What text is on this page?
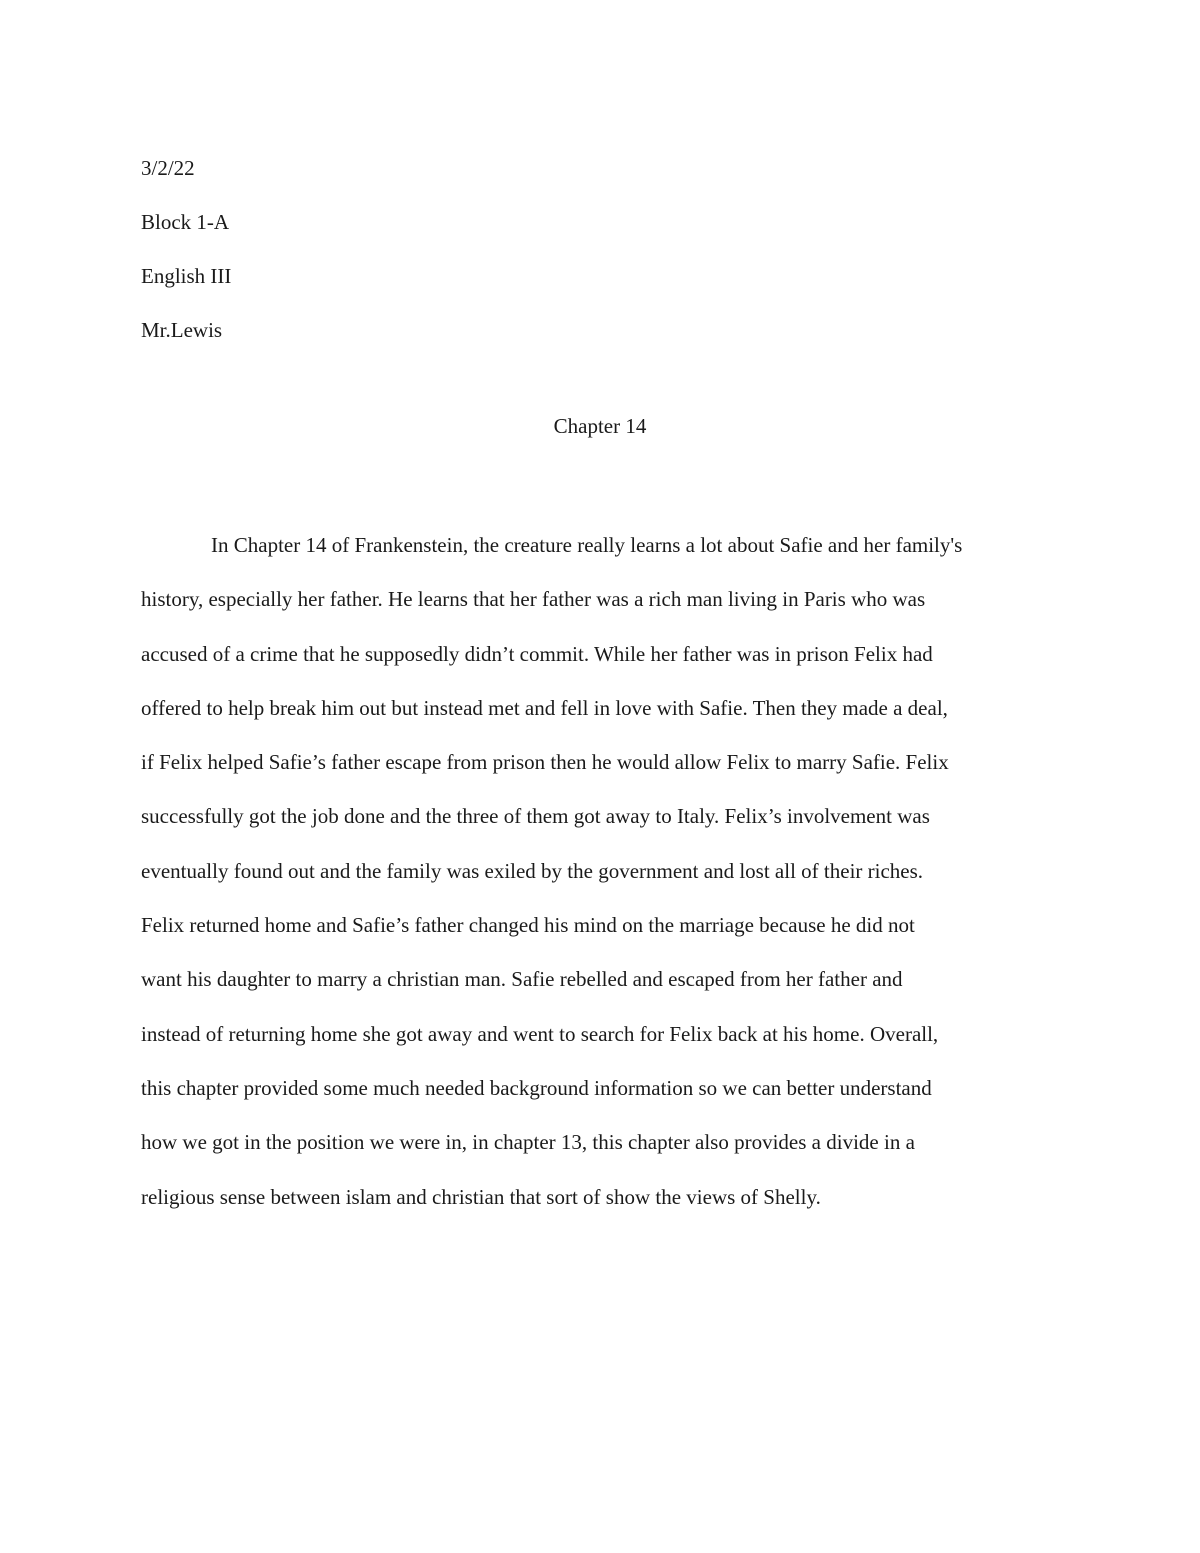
3/2/22
Block 1-A
English III
Mr.Lewis
Chapter 14
In Chapter 14 of Frankenstein, the creature really learns a lot about Safie and her family's
history, especially her father. He learns that her father was a rich man living in Paris who was
accused of a crime that he supposedly didn’t commit. While her father was in prison Felix had
offered to help break him out but instead met and fell in love with Safie. Then they made a deal,
if Felix helped Safie’s father escape from prison then he would allow Felix to marry Safie. Felix
successfully got the job done and the three of them got away to Italy. Felix’s involvement was
eventually found out and the family was exiled by the government and lost all of their riches.
Felix returned home and Safie’s father changed his mind on the marriage because he did not
want his daughter to marry a christian man. Safie rebelled and escaped from her father and
instead of returning home she got away and went to search for Felix back at his home. Overall,
this chapter provided some much needed background information so we can better understand
how we got in the position we were in, in chapter 13, this chapter also provides a divide in a
religious sense between islam and christian that sort of show the views of Shelly.
